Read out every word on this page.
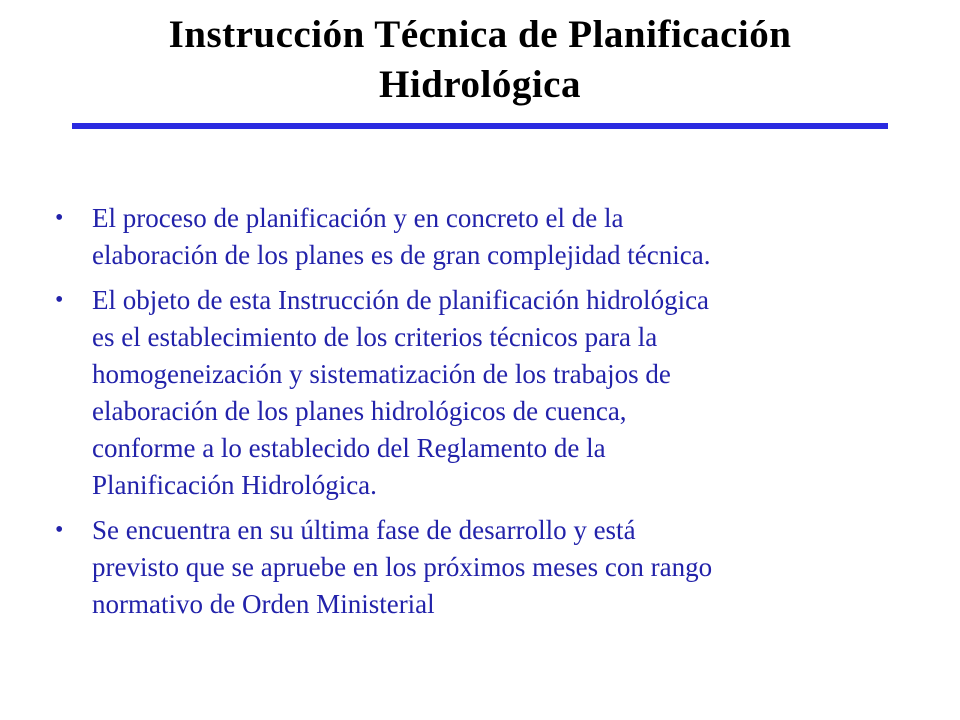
Instrucción Técnica de Planificación
Hidrológica
•	El proceso de planificación y en concreto el de la
elaboración de los planes es de gran complejidad técnica.
•	El objeto de esta Instrucción de planificación hidrológica
es el establecimiento de los criterios técnicos para la
homogeneización y sistematización de los trabajos de
elaboración de los planes hidrológicos de cuenca,
conforme a lo establecido del Reglamento de la
Planificación Hidrológica.
•	Se encuentra en su última fase de desarrollo y está
previsto que se apruebe en los próximos meses con rango
normativo de Orden Ministerial
